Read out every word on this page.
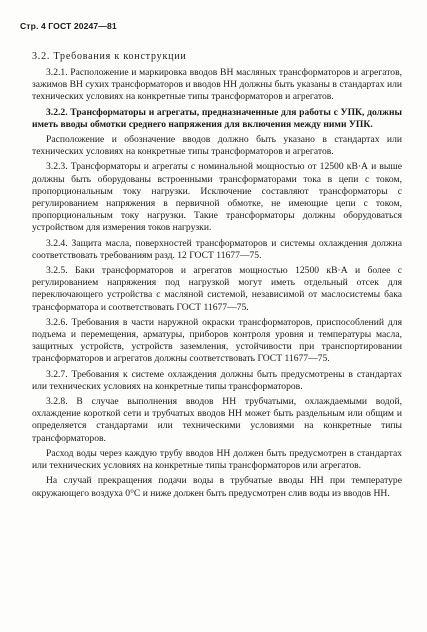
Стр. 4 ГОСТ 20247—81
3.2. Требования к конструкции

3.2.1. Расположение и маркировка вводов ВН масляных трансформаторов и агрегатов, зажимов ВН сухих трансформаторов и вводов НН должны быть указаны в стандартах или технических условиях на конкретные типы трансформаторов и агрегатов.

3.2.2. Трансформаторы и агрегаты, предназначенные для работы с УПК, должны иметь вводы обмотки среднего напряжения для включения между ними УПК.

Расположение и обозначение вводов должно быть указано в стандартах или технических условиях на конкретные типы трансформаторов и агрегатов.

3.2.3. Трансформаторы и агрегаты с номинальной мощностью от 12500 кВ·А и выше должны быть оборудованы встроенными трансформаторами тока в цепи с током, пропорциональным току нагрузки. Исключение составляют трансформаторы с регулированием напряжения в первичной обмотке, не имеющие цепи с током, пропорциональным току нагрузки. Такие трансформаторы должны оборудоваться устройством для измерения токов нагрузки.

3.2.4. Защита масла, поверхностей трансформаторов и системы охлаждения должна соответствовать требованиям разд. 12 ГОСТ 11677—75.

3.2.5. Баки трансформаторов и агрегатов мощностью 12500 кВ·А и более с регулированием напряжения под нагрузкой могут иметь отдельный отсек для переключающего устройства с масляной системой, независимой от маслосистемы бака трансформатора и соответствовать ГОСТ 11677—75.

3.2.6. Требования в части наружной окраски трансформаторов, приспособлений для подъема и перемещения, арматуры, приборов контроля уровня и температуры масла, защитных устройств, устройств заземления, устойчивости при транспортировании трансформаторов и агрегатов должны соответствовать ГОСТ 11677—75.

3.2.7. Требования к системе охлаждения должны быть предусмотрены в стандартах или технических условиях на конкретные типы трансформаторов.

3.2.8. В случае выполнения вводов НН трубчатыми, охлаждаемыми водой, охлаждение короткой сети и трубчатых вводов НН может быть раздельным или общим и определяется стандартами или техническими условиями на конкретные типы трансформаторов.

Расход воды через каждую трубу вводов НН должен быть предусмотрен в стандартах или технических условиях на конкретные типы трансформаторов или агрегатов.

На случай прекращения подачи воды в трубчатые вводы НН при температуре окружающего воздуха 0°С и ниже должен быть предусмотрен слив воды из вводов НН.
